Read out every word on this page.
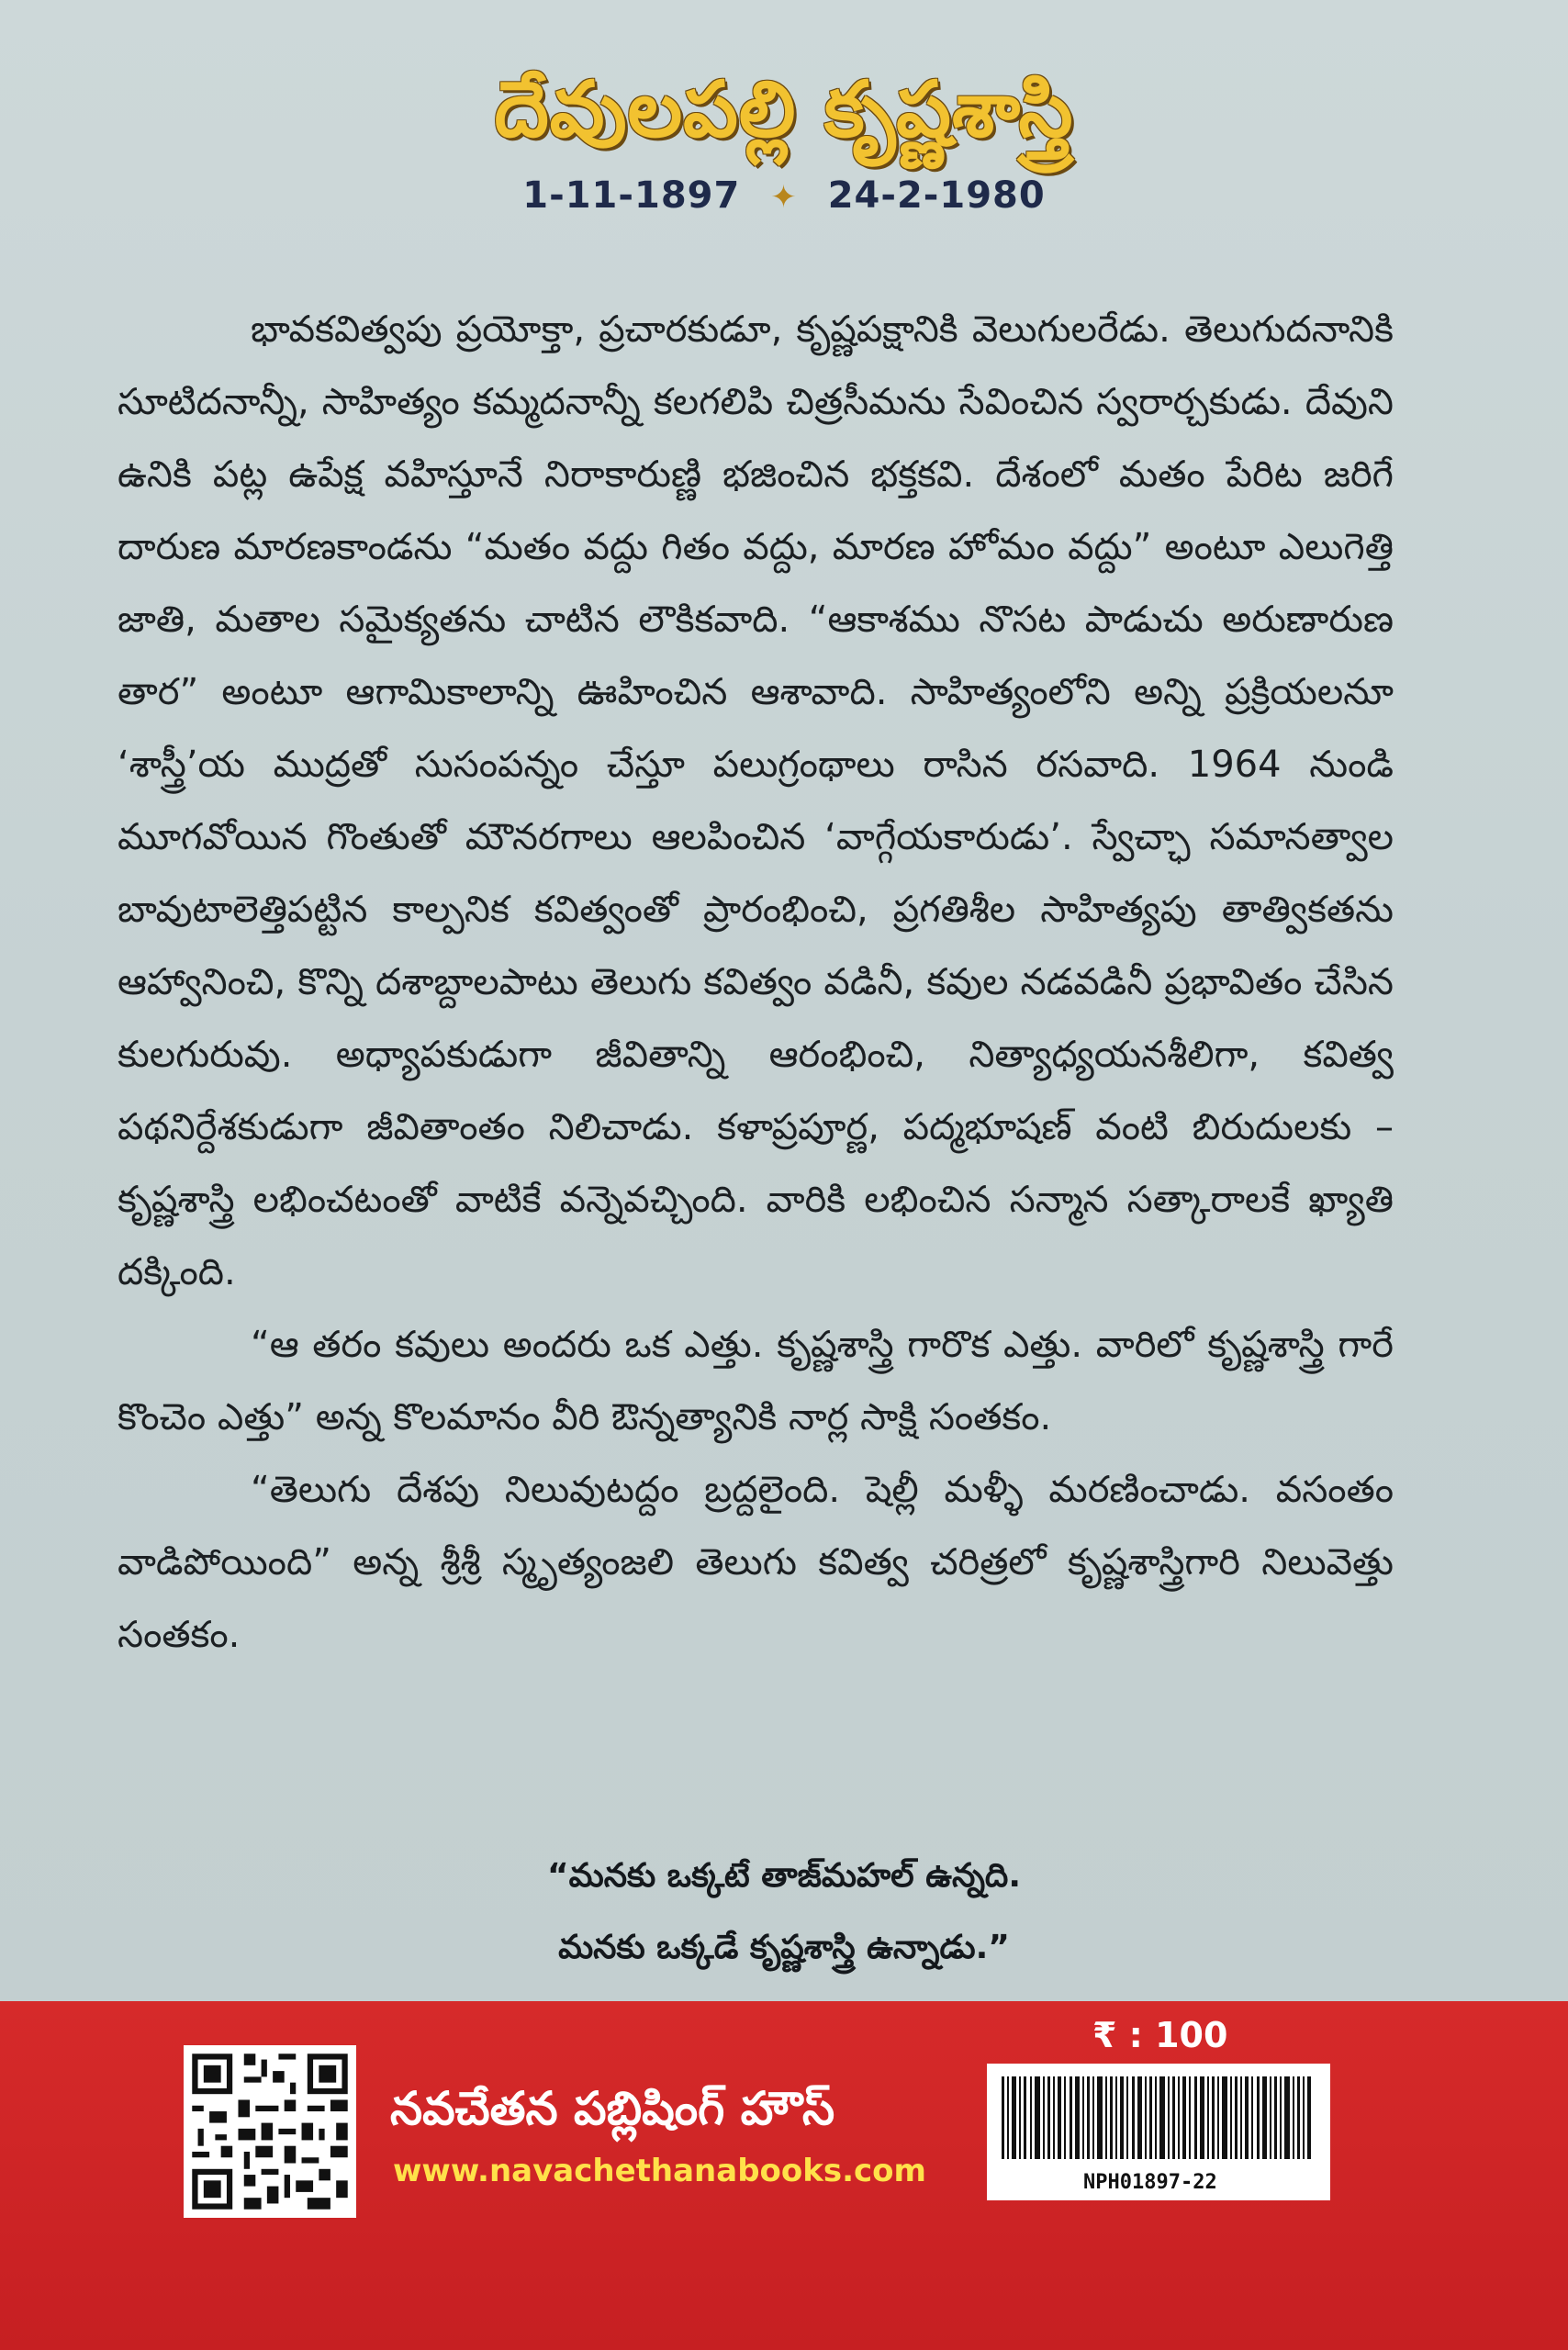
దేవులపల్లి కృష్ణశాస్త్రి
1-11-1897 ✦ 24-2-1980

భావకవిత్వపు ప్రయోక్తా, ప్రచారకుడూ, కృష్ణపక్షానికి వెలుగులరేడు. తెలుగుదనానికి సూటిదనాన్నీ, సాహిత్యం కమ్మదనాన్నీ కలగలిపి చిత్రసీమను సేవించిన స్వరార్చకుడు. దేవుని ఉనికి పట్ల ఉపేక్ష వహిస్తూనే నిరాకారుణ్ణి భజించిన భక్తకవి. దేశంలో మతం పేరిట జరిగే దారుణ మారణకాండను “మతం వద్దు గితం వద్దు, మారణ హోమం వద్దు” అంటూ ఎలుగెత్తి జాతి, మతాల సమైక్యతను చాటిన లౌకికవాది. “ఆకాశము నొసట పాడుచు అరుణారుణ తార” అంటూ ఆగామికాలాన్ని ఊహించిన ఆశావాది. సాహిత్యంలోని అన్ని ప్రక్రియలనూ ‘శాస్త్రీ’య ముద్రతో సుసంపన్నం చేస్తూ పలుగ్రంథాలు రాసిన రసవాది. 1964 నుండి మూగవోయిన గొంతుతో మౌనరగాలు ఆలపించిన ‘వాగ్గేయకారుడు’. స్వేచ్ఛా సమానత్వాల బావుటాలెత్తిపట్టిన కాల్పనిక కవిత్వంతో ప్రారంభించి, ప్రగతిశీల సాహిత్యపు తాత్వికతను ఆహ్వానించి, కొన్ని దశాబ్దాలపాటు తెలుగు కవిత్వం వడినీ, కవుల నడవడినీ ప్రభావితం చేసిన కులగురువు. అధ్యాపకుడుగా జీవితాన్ని ఆరంభించి, నిత్యాధ్యయనశీలిగా, కవిత్వ పథనిర్దేశకుడుగా జీవితాంతం నిలిచాడు. కళాప్రపూర్ణ, పద్మభూషణ్ వంటి బిరుదులకు – కృష్ణశాస్త్రి లభించటంతో వాటికే వన్నెవచ్చింది. వారికి లభించిన సన్మాన సత్కారాలకే ఖ్యాతి దక్కింది.

“ఆ తరం కవులు అందరు ఒక ఎత్తు. కృష్ణశాస్త్రి గారొక ఎత్తు. వారిలో కృష్ణశాస్త్రి గారే కొంచెం ఎత్తు” అన్న కొలమానం వీరి ఔన్నత్యానికి నార్ల సాక్షి సంతకం.

“తెలుగు దేశపు నిలువుటద్దం బ్రద్దలైంది. షెల్లీ మళ్ళీ మరణించాడు. వసంతం వాడిపోయింది” అన్న శ్రీశ్రీ స్మృత్యంజలి తెలుగు కవిత్వ చరిత్రలో కృష్ణశాస్త్రిగారి నిలువెత్తు సంతకం.

“మనకు ఒక్కటే తాజ్‌మహల్ ఉన్నది.
మనకు ఒక్కడే కృష్ణశాస్త్రి ఉన్నాడు.”
₹ : 100
నవచేతన పబ్లిషింగ్ హౌస్
www.navachethanabooks.com	NPH01897-22
